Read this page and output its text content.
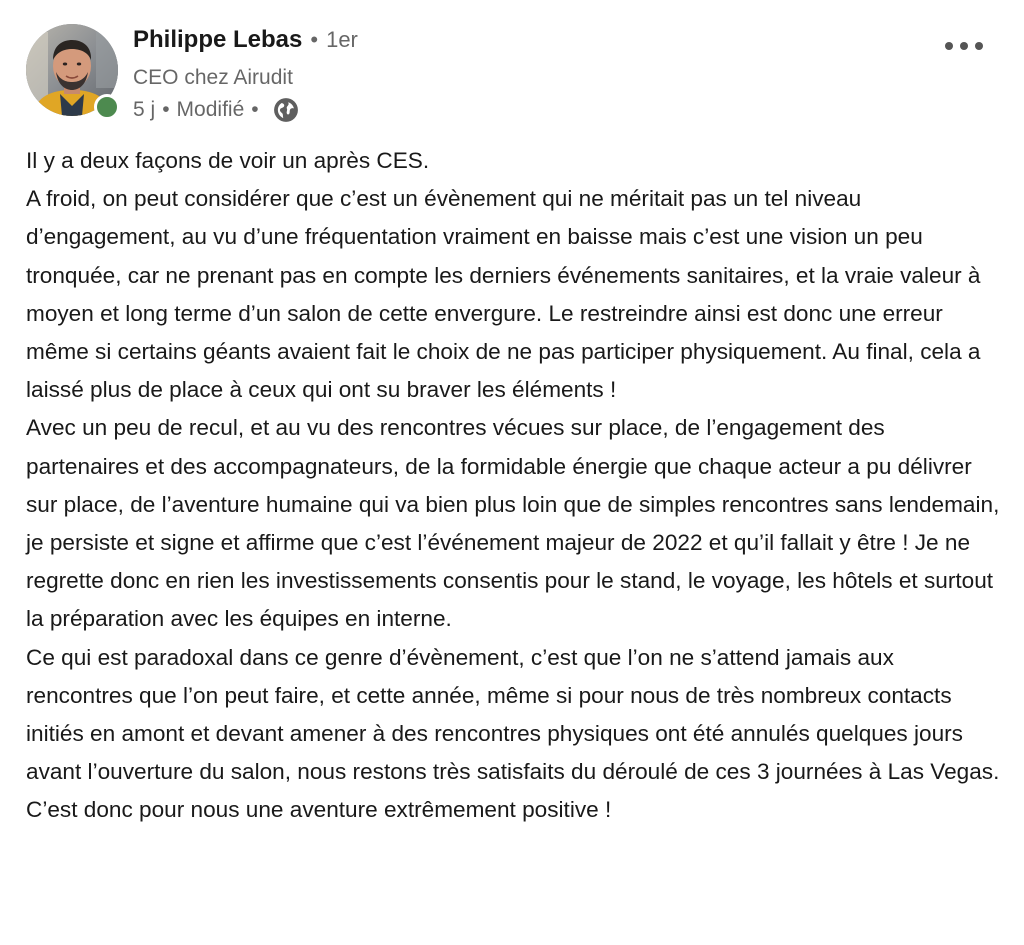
Philippe Lebas • 1er
CEO chez Airudit
5 j • Modifié •

Il y a deux façons de voir un après CES.

A froid, on peut considérer que c’est un évènement qui ne méritait pas un tel niveau d’engagement, au vu d’une fréquentation vraiment en baisse mais c’est une vision un peu tronquée, car ne prenant pas en compte les derniers événements sanitaires, et la vraie valeur à moyen et long terme d’un salon de cette envergure. Le restreindre ainsi est donc une erreur même si certains géants avaient fait le choix de ne pas participer physiquement. Au final, cela a laissé plus de place à ceux qui ont su braver les éléments !

Avec un peu de recul, et au vu des rencontres vécues sur place, de l’engagement des partenaires et des accompagnateurs, de la formidable énergie que chaque acteur a pu délivrer sur place, de l’aventure humaine qui va bien plus loin que de simples rencontres sans lendemain, je persiste et signe et affirme que c’est l’événement majeur de 2022 et qu’il fallait y être ! Je ne regrette donc en rien les investissements consentis pour le stand, le voyage, les hôtels et surtout la préparation avec les équipes en interne.

Ce qui est paradoxal dans ce genre d’évènement, c’est que l’on ne s’attend jamais aux rencontres que l’on peut faire, et cette année, même si pour nous de très nombreux contacts initiés en amont et devant amener à des rencontres physiques ont été annulés quelques jours avant l’ouverture du salon, nous restons très satisfaits du déroulé de ces 3 journées à Las Vegas. C’est donc pour nous une aventure extrêmement positive !
